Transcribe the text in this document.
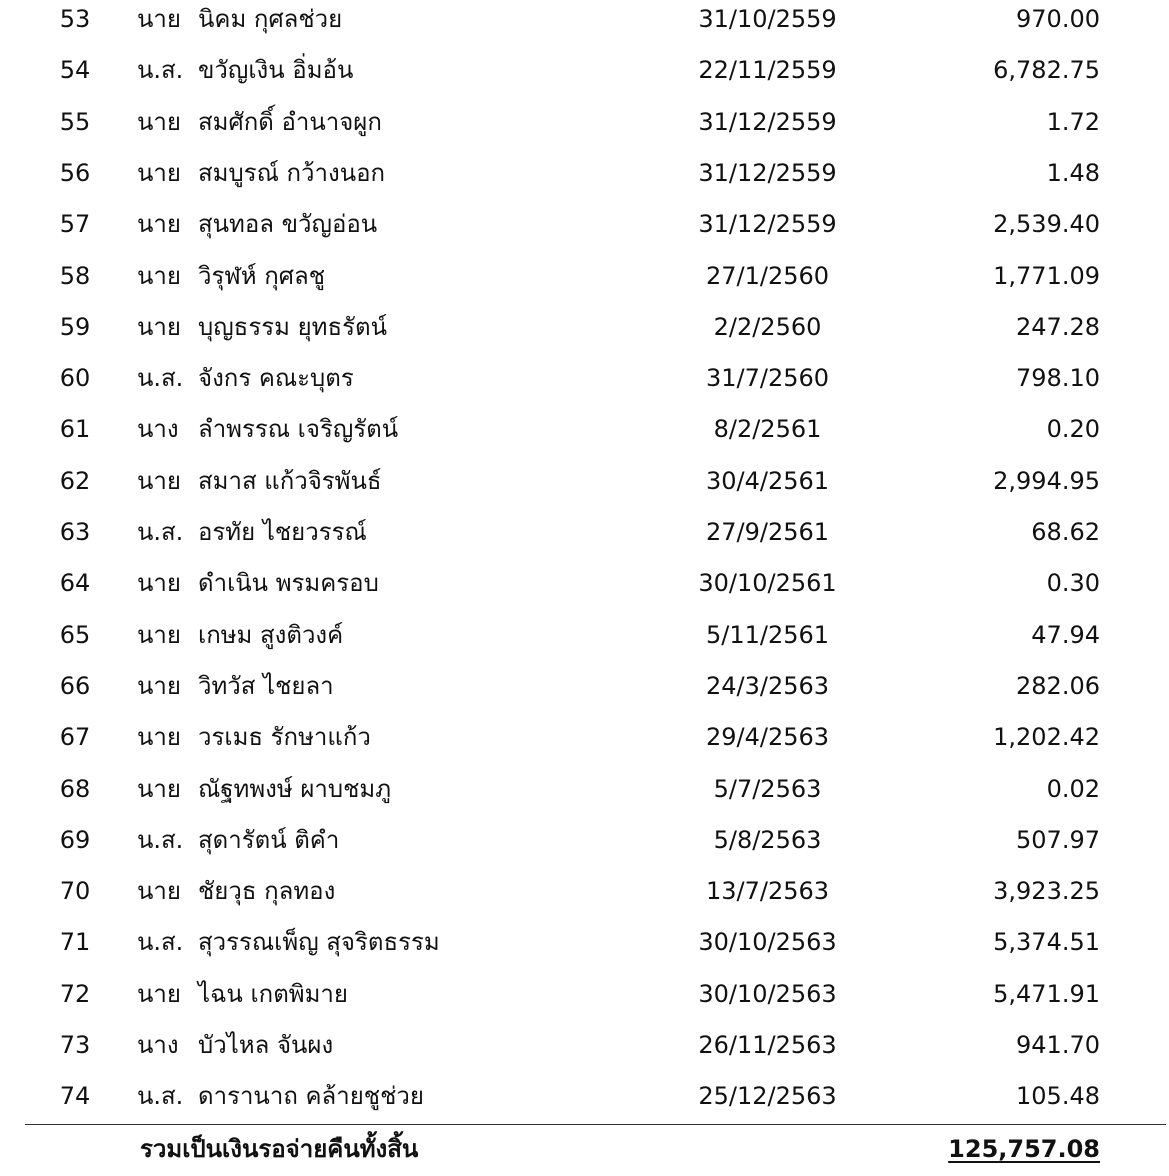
53	นาย นิคม กุศลช่วย	31/10/2559	970.00
54	น.ส. ขวัญเงิน อิ่มอ้น	22/11/2559	6,782.75
55	นาย สมศักดิ์ อำนาจผูก	31/12/2559	1.72
56	นาย สมบูรณ์ กว้างนอก	31/12/2559	1.48
57	นาย สุนทอล ขวัญอ่อน	31/12/2559	2,539.40
58	นาย วิรุฬห์ กุศลชู	27/1/2560	1,771.09
59	นาย บุญธรรม ยุทธรัตน์	2/2/2560	247.28
60	น.ส. จังกร คณะบุตร	31/7/2560	798.10
61	นาง ลำพรรณ เจริญรัตน์	8/2/2561	0.20
62	นาย สมาส แก้วจิรพันธ์	30/4/2561	2,994.95
63	น.ส. อรทัย ไชยวรรณ์	27/9/2561	68.62
64	นาย ดำเนิน พรมครอบ	30/10/2561	0.30
65	นาย เกษม สูงติวงค์	5/11/2561	47.94
66	นาย วิทวัส ไชยลา	24/3/2563	282.06
67	นาย วรเมธ รักษาแก้ว	29/4/2563	1,202.42
68	นาย ณัฐทพงษ์ ผาบชมภู	5/7/2563	0.02
69	น.ส. สุดารัตน์ ติคำ	5/8/2563	507.97
70	นาย ชัยวุธ กุลทอง	13/7/2563	3,923.25
71	น.ส. สุวรรณเพ็ญ สุจริตธรรม	30/10/2563	5,374.51
72	นาย ไฉน เกตพิมาย	30/10/2563	5,471.91
73	นาง บัวไหล จันผง	26/11/2563	941.70
74	น.ส. ดารานาถ คล้ายชูช่วย	25/12/2563	105.48
รวมเป็นเงินรอจ่ายคืนทั้งสิ้น	125,757.08
